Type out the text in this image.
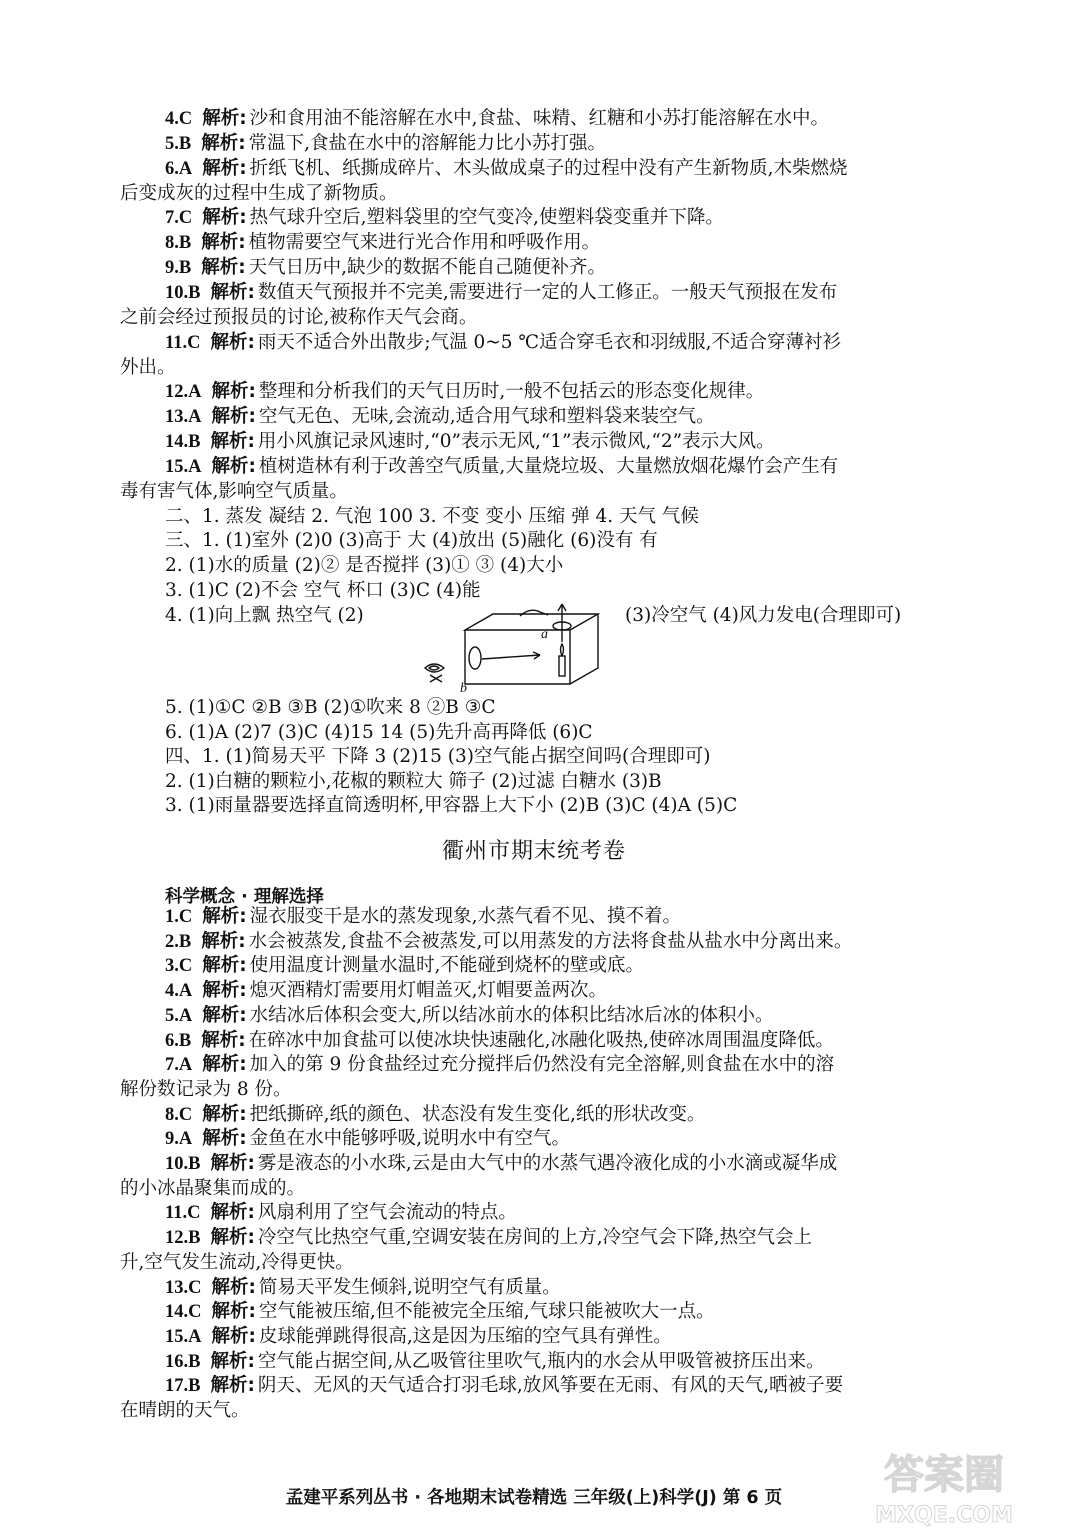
4.C 解析: 沙和食用油不能溶解在水中,食盐、味精、红糖和小苏打能溶解在水中。
5.B 解析: 常温下,食盐在水中的溶解能力比小苏打强。
6.A 解析: 折纸飞机、纸撕成碎片、木头做成桌子的过程中没有产生新物质,木柴燃烧
后变成灰的过程中生成了新物质。
7.C 解析: 热气球升空后,塑料袋里的空气变冷,使塑料袋变重并下降。
8.B 解析: 植物需要空气来进行光合作用和呼吸作用。
9.B 解析: 天气日历中,缺少的数据不能自己随便补齐。
10.B 解析: 数值天气预报并不完美,需要进行一定的人工修正。一般天气预报在发布
之前会经过预报员的讨论,被称作天气会商。
11.C 解析: 雨天不适合外出散步;气温 0~5 ℃适合穿毛衣和羽绒服,不适合穿薄衬衫
外出。
12.A 解析: 整理和分析我们的天气日历时,一般不包括云的形态变化规律。
13.A 解析: 空气无色、无味,会流动,适合用气球和塑料袋来装空气。
14.B 解析: 用小风旗记录风速时,“0”表示无风,“1”表示微风,“2”表示大风。
15.A 解析: 植树造林有利于改善空气质量,大量烧垃圾、大量燃放烟花爆竹会产生有
毒有害气体,影响空气质量。
二、1. 蒸发 凝结 2. 气泡 100 3. 不变 变小 压缩 弹 4. 天气 气候
三、1. (1)室外 (2)0 (3)高于 大 (4)放出 (5)融化 (6)没有 有
2. (1)水的质量 (2)② 是否搅拌 (3)① ③ (4)大小
3. (1)C (2)不会 空气 杯口 (3)C (4)能
4. (1)向上飘 热空气 (2)	(3)冷空气 (4)风力发电(合理即可)
a
b
5. (1)①C ②B ③B (2)①吹来 8 ②B ③C
6. (1)A (2)7 (3)C (4)15 14 (5)先升高再降低 (6)C
四、1. (1)简易天平 下降 3 (2)15 (3)空气能占据空间吗(合理即可)
2. (1)白糖的颗粒小,花椒的颗粒大 筛子 (2)过滤 白糖水 (3)B
3. (1)雨量器要选择直筒透明杯,甲容器上大下小 (2)B (3)C (4)A (5)C
衢州市期末统考卷
科学概念 · 理解选择
1.C 解析: 湿衣服变干是水的蒸发现象,水蒸气看不见、摸不着。
2.B 解析: 水会被蒸发,食盐不会被蒸发,可以用蒸发的方法将食盐从盐水中分离出来。
3.C 解析: 使用温度计测量水温时,不能碰到烧杯的壁或底。
4.A 解析: 熄灭酒精灯需要用灯帽盖灭,灯帽要盖两次。
5.A 解析: 水结冰后体积会变大,所以结冰前水的体积比结冰后冰的体积小。
6.B 解析: 在碎冰中加食盐可以使冰块快速融化,冰融化吸热,使碎冰周围温度降低。
7.A 解析: 加入的第 9 份食盐经过充分搅拌后仍然没有完全溶解,则食盐在水中的溶
解份数记录为 8 份。
8.C 解析: 把纸撕碎,纸的颜色、状态没有发生变化,纸的形状改变。
9.A 解析: 金鱼在水中能够呼吸,说明水中有空气。
10.B 解析: 雾是液态的小水珠,云是由大气中的水蒸气遇冷液化成的小水滴或凝华成
的小冰晶聚集而成的。
11.C 解析: 风扇利用了空气会流动的特点。
12.B 解析: 冷空气比热空气重,空调安装在房间的上方,冷空气会下降,热空气会上
升,空气发生流动,冷得更快。
13.C 解析: 简易天平发生倾斜,说明空气有质量。
14.C 解析: 空气能被压缩,但不能被完全压缩,气球只能被吹大一点。
15.A 解析: 皮球能弹跳得很高,这是因为压缩的空气具有弹性。
16.B 解析: 空气能占据空间,从乙吸管往里吹气,瓶内的水会从甲吸管被挤压出来。
17.B 解析: 阴天、无风的天气适合打羽毛球,放风筝要在无雨、有风的天气,晒被子要
在晴朗的天气。
孟建平系列丛书 · 各地期末试卷精选 三年级(上)科学(J) 第 6 页	答案圈
MXQE.COM
